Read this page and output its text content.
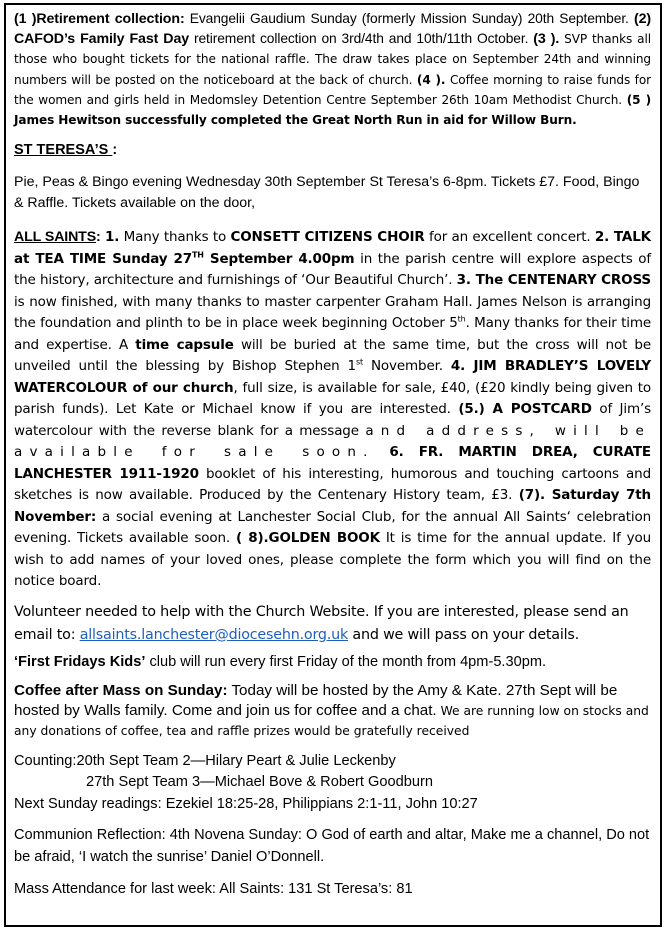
(1 )Retirement collection: Evangelii Gaudium Sunday (formerly Mission Sunday) 20th September. (2) CAFOD’s Family Fast Day retirement collection on 3rd/4th and 10th/11th October. (3 ). SVP thanks all those who bought tickets for the national raffle. The draw takes place on September 24th and winning numbers will be posted on the noticeboard at the back of church. (4 ). Coffee morning to raise funds for the women and girls held in Medomsley Detention Centre September 26th 10am Methodist Church. (5 ) James Hewitson successfully completed the Great North Run in aid for Willow Burn.

ST TERESA’S :

Pie, Peas & Bingo evening Wednesday 30th September St Teresa’s 6-8pm. Tickets £7. Food, Bingo & Raffle. Tickets available on the door,

ALL SAINTS: 1. Many thanks to CONSETT CITIZENS CHOIR for an excellent concert. 2. TALK at TEA TIME Sunday 27TH September 4.00pm in the parish centre will explore aspects of the history, architecture and furnishings of ‘Our Beautiful Church’. 3. The CENTENARY CROSS is now finished, with many thanks to master carpenter Graham Hall. James Nelson is arranging the foundation and plinth to be in place week beginning October 5th. Many thanks for their time and expertise. A time capsule will be buried at the same time, but the cross will not be unveiled until the blessing by Bishop Stephen 1st November. 4. JIM BRADLEY’S LOVELY WATERCOLOUR of our church, full size, is available for sale, £40, (£20 kindly being given to parish funds). Let Kate or Michael know if you are interested. (5.) A POSTCARD of Jim’s watercolour with the reverse blank for a message and address, will be available for sale soon. 6. FR. MARTIN DREA, CURATE LANCHESTER 1911-1920 booklet of his interesting, humorous and touching cartoons and sketches is now available. Produced by the Centenary History team, £3. (7). Saturday 7th November: a social evening at Lanchester Social Club, for the annual All Saints‘ celebration evening. Tickets available soon. ( 8).GOLDEN BOOK It is time for the annual update. If you wish to add names of your loved ones, please complete the form which you will find on the notice board.

Volunteer needed to help with the Church Website. If you are interested, please send an email to: allsaints.lanchester@diocesehn.org.uk and we will pass on your details.

‘First Fridays Kids’ club will run every first Friday of the month from 4pm-5.30pm.

Coffee after Mass on Sunday: Today will be hosted by the Amy & Kate. 27th Sept will be hosted by Walls family. Come and join us for coffee and a chat. We are running low on stocks and any donations of coffee, tea and raffle prizes would be gratefully received

Counting:20th Sept Team 2—Hilary Peart & Julie Leckenby

27th Sept Team 3—Michael Bove & Robert Goodburn

Next Sunday readings: Ezekiel 18:25-28, Philippians 2:1-11, John 10:27

Communion Reflection: 4th Novena Sunday: O God of earth and altar, Make me a channel, Do not be afraid, ‘I watch the sunrise’ Daniel O’Donnell.

Mass Attendance for last week: All Saints: 131 St Teresa’s: 81
